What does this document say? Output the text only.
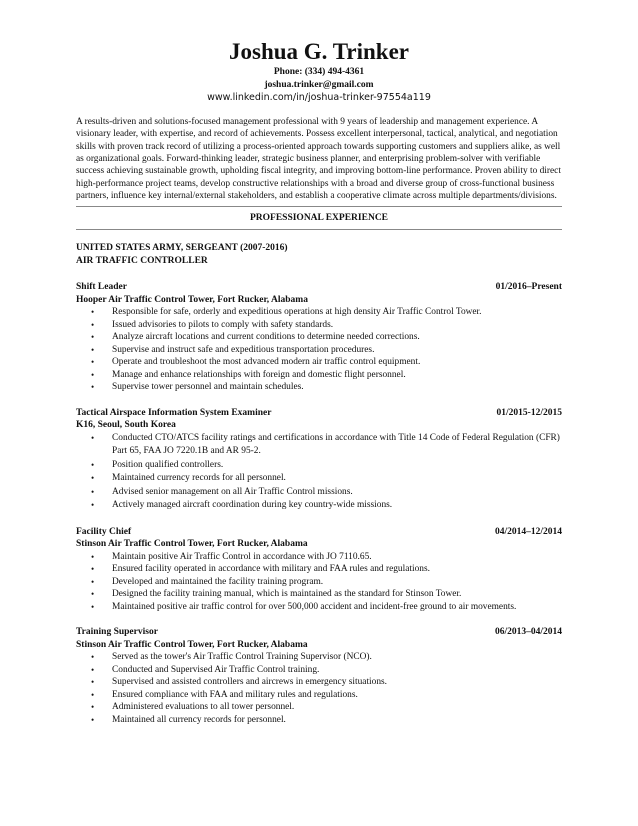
Joshua G. Trinker
Phone: (334) 494-4361
joshua.trinker@gmail.com
www.linkedin.com/in/joshua-trinker-97554a119
A results-driven and solutions-focused management professional with 9 years of leadership and management experience. A visionary leader, with expertise, and record of achievements. Possess excellent interpersonal, tactical, analytical, and negotiation skills with proven track record of utilizing a process-oriented approach towards supporting customers and suppliers alike, as well as organizational goals. Forward-thinking leader, strategic business planner, and enterprising problem-solver with verifiable success achieving sustainable growth, upholding fiscal integrity, and improving bottom-line performance. Proven ability to direct high-performance project teams, develop constructive relationships with a broad and diverse group of cross-functional business partners, influence key internal/external stakeholders, and establish a cooperative climate across multiple departments/divisions.
PROFESSIONAL EXPERIENCE
UNITED STATES ARMY, SERGEANT (2007-2016)
AIR TRAFFIC CONTROLLER
Shift Leader	01/2016–Present
Hooper Air Traffic Control Tower, Fort Rucker, Alabama
• Responsible for safe, orderly and expeditious operations at high density Air Traffic Control Tower.
• Issued advisories to pilots to comply with safety standards.
• Analyze aircraft locations and current conditions to determine needed corrections.
• Supervise and instruct safe and expeditious transportation procedures.
• Operate and troubleshoot the most advanced modern air traffic control equipment.
• Manage and enhance relationships with foreign and domestic flight personnel.
• Supervise tower personnel and maintain schedules.
Tactical Airspace Information System Examiner	01/2015-12/2015
K16, Seoul, South Korea
• Conducted CTO/ATCS facility ratings and certifications in accordance with Title 14 Code of Federal Regulation (CFR) Part 65, FAA JO 7220.1B and AR 95-2.
• Position qualified controllers.
• Maintained currency records for all personnel.
• Advised senior management on all Air Traffic Control missions.
• Actively managed aircraft coordination during key country-wide missions.
Facility Chief	04/2014–12/2014
Stinson Air Traffic Control Tower, Fort Rucker, Alabama
• Maintain positive Air Traffic Control in accordance with JO 7110.65.
• Ensured facility operated in accordance with military and FAA rules and regulations.
• Developed and maintained the facility training program.
• Designed the facility training manual, which is maintained as the standard for Stinson Tower.
• Maintained positive air traffic control for over 500,000 accident and incident-free ground to air movements.
Training Supervisor	06/2013–04/2014
Stinson Air Traffic Control Tower, Fort Rucker, Alabama
• Served as the tower's Air Traffic Control Training Supervisor (NCO).
• Conducted and Supervised Air Traffic Control training.
• Supervised and assisted controllers and aircrews in emergency situations.
• Ensured compliance with FAA and military rules and regulations.
• Administered evaluations to all tower personnel.
• Maintained all currency records for personnel.
